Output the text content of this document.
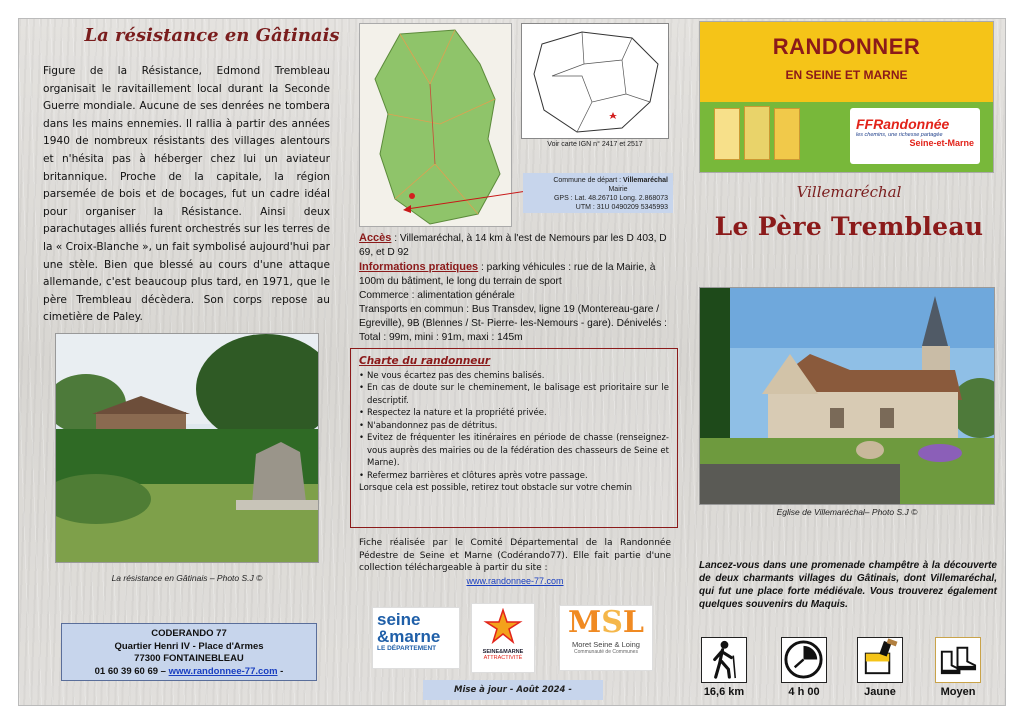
La résistance en Gâtinais
Figure de la Résistance, Edmond Trembleau organisait le ravitaillement local durant la Seconde Guerre mondiale. Aucune de ses denrées ne tombera dans les mains ennemies. Il rallia à partir des années 1940 de nombreux résistants des villages alentours et n'hésita pas à héberger chez lui un aviateur britannique. Proche de la capitale, la région parsemée de bois et de bocages, fut un cadre idéal pour organiser la Résistance. Ainsi deux parachutages alliés furent orchestrés sur les terres de la « Croix-Blanche », un fait symbolisé aujourd'hui par une stèle. Bien que blessé au cours d'une attaque allemande, c'est beaucoup plus tard, en 1971, que le père Trembleau décèdera. Son corps repose au cimetière de Paley.
La résistance en Gâtinais – Photo S.J ©
CODERANDO 77
Quartier Henri IV - Place d'Armes
77300 FONTAINEBLEAU
01 60 39 60 69 – www.randonnee-77.com -
Voir carte IGN n° 2417 et 2517
Commune de départ : Villemaréchal
Mairie
GPS : Lat. 48.26710 Long. 2.868073
UTM : 31U 0490209 5345993
Accès : Villemaréchal, à 14 km à l'est de Nemours par les D 403, D 69, et D 92
Informations pratiques : parking véhicules : rue de la Mairie, à 100m du bâtiment, le long du terrain de sport
Commerce : alimentation générale
Transports en commun : Bus Transdev, ligne 19 (Montereau-gare / Egreville), 9B (Blennes / St- Pierre- les-Nemours - gare). Dénivelés : Total : 99m, mini : 91m, maxi : 145m
Charte du randonneur
• Ne vous écartez pas des chemins balisés.
• En cas de doute sur le cheminement, le balisage est prioritaire sur le descriptif.
• Respectez la nature et la propriété privée.
• N'abandonnez pas de détritus.
• Evitez de fréquenter les itinéraires en période de chasse (renseignez-vous auprès des mairies ou de la fédération des chasseurs de Seine et Marne).
• Refermez barrières et clôtures après votre passage.
Lorsque cela est possible, retirez tout obstacle sur votre chemin
Fiche réalisée par le Comité Départemental de la Randonnée Pédestre de Seine et Marne (Codérando77). Elle fait partie d'une collection téléchargeable à partir du site :
www.randonnee-77.com
seine
&marne
LE DÉPARTEMENT	SEINE&MARNE
ATTRACTIVITÉ
MSL
Moret Seine & Loing
Communauté de Communes
Mise à jour - Août 2024 -
RANDONNER
EN SEINE ET MARNE
FFRandonnée
les chemins, une richesse partagée
Seine-et-Marne
Villemaréchal
Le Père Trembleau
Eglise de Villemaréchal– Photo S.J ©
Lancez-vous dans une promenade champêtre à la découverte de deux charmants villages du Gâtinais, dont Villemaréchal, qui fut une place forte médiévale. Vous trouverez également quelques souvenirs du Maquis.
16,6 km	4 h 00	Jaune	Moyen
